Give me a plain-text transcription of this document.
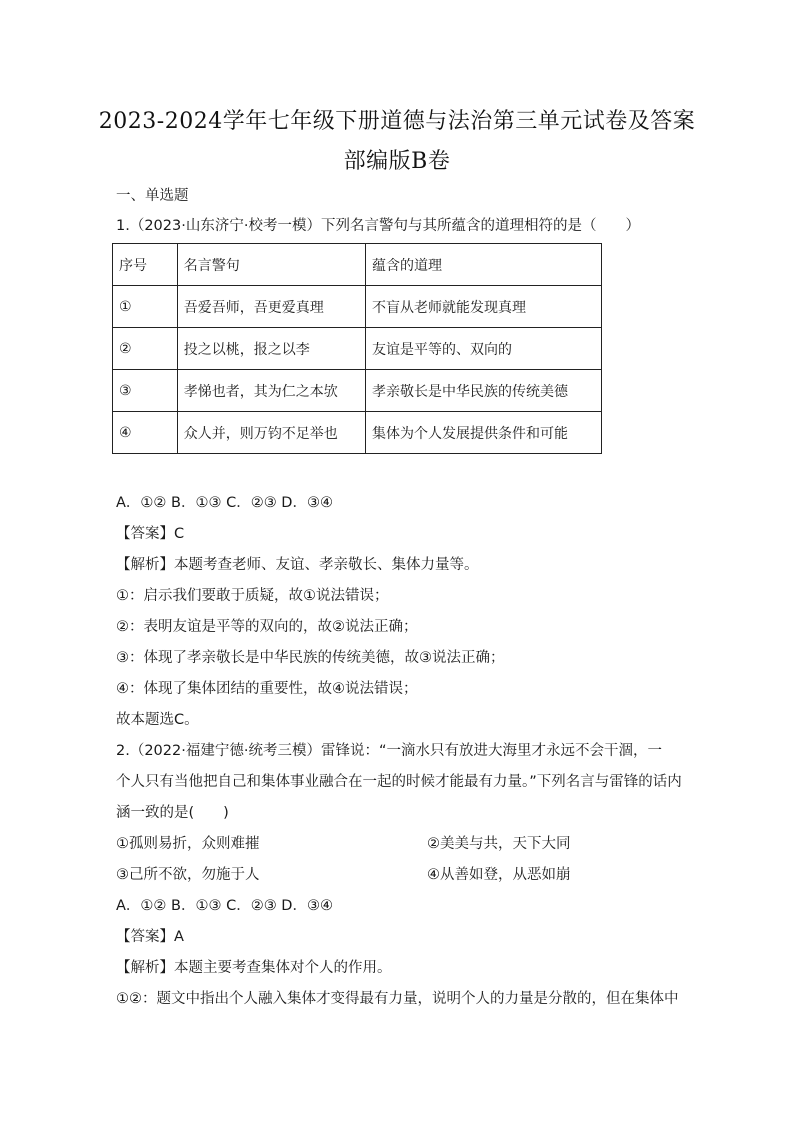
2023-2024学年七年级下册道德与法治第三单元试卷及答案
部编版B卷
一、单选题
1.（2023·山东济宁·校考一模）下列名言警句与其所蕴含的道理相符的是（　　）
序号	名言警句	蕴含的道理
①	吾爱吾师，吾更爱真理	不盲从老师就能发现真理
②	投之以桃，报之以李	友谊是平等的、双向的
③	孝悌也者，其为仁之本欤	孝亲敬长是中华民族的传统美德
④	众人并，则万钧不足举也	集体为个人发展提供条件和可能
A．①② B．①③ C．②③ D．③④
【答案】C
【解析】本题考查老师、友谊、孝亲敬长、集体力量等。
①：启示我们要敢于质疑，故①说法错误；
②：表明友谊是平等的双向的，故②说法正确；
③：体现了孝亲敬长是中华民族的传统美德，故③说法正确；
④：体现了集体团结的重要性，故④说法错误；
故本题选C。
2.（2022·福建宁德·统考三模）雷锋说：“一滴水只有放进大海里才永远不会干涸，一
个人只有当他把自己和集体事业融合在一起的时候才能最有力量。”下列名言与雷锋的话内
涵一致的是(　　)
①孤则易折，众则难摧	②美美与共，天下大同
③己所不欲，勿施于人	④从善如登，从恶如崩
A．①② B．①③ C．②③ D．③④
【答案】A
【解析】本题主要考查集体对个人的作用。
①②：题文中指出个人融入集体才变得最有力量，说明个人的力量是分散的，但在集体中
